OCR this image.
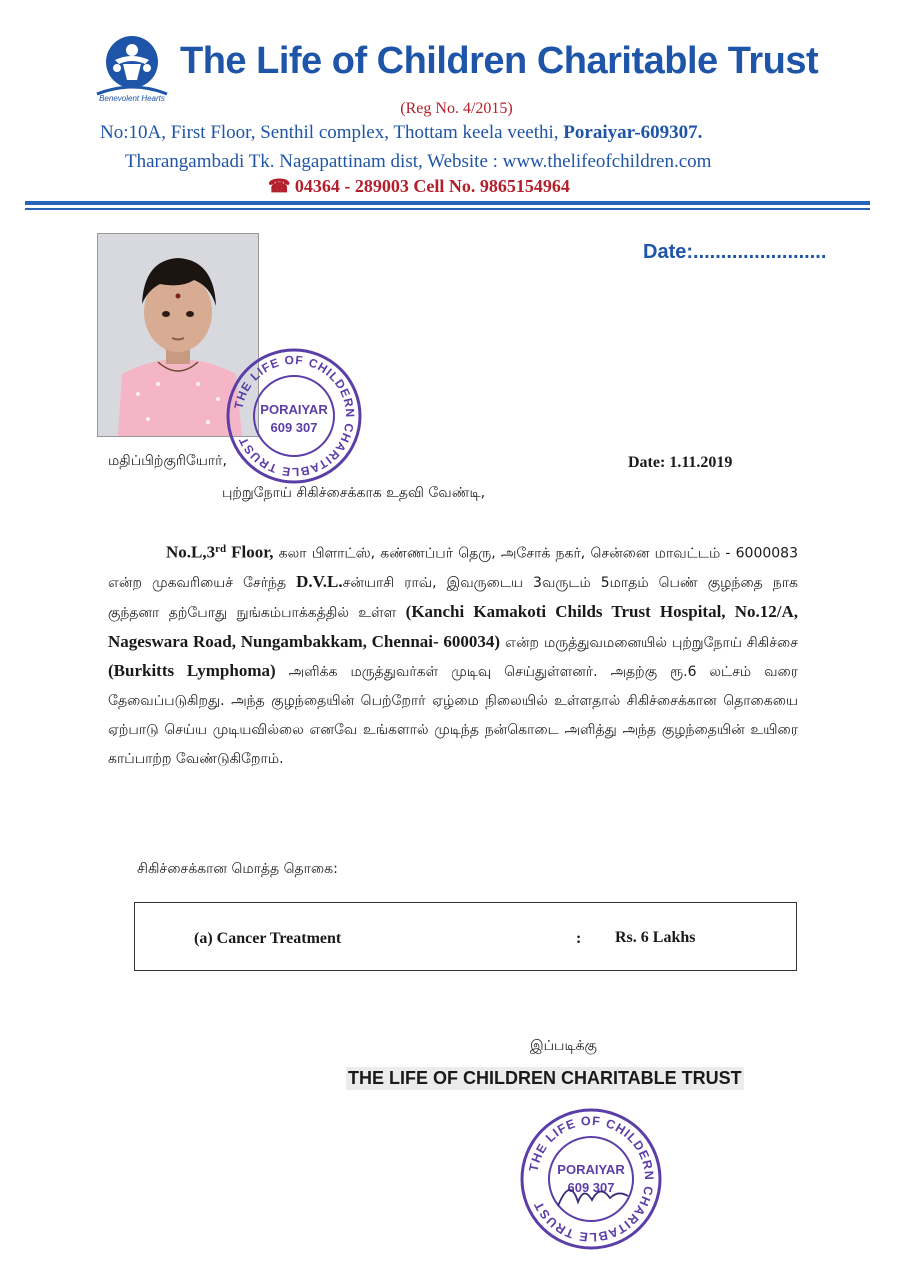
Benevolent Hearts
The Life of Children Charitable Trust
(Reg No. 4/2015)
No:10A, First Floor, Senthil complex, Thottam keela veethi, Poraiyar-609307.
Tharangambadi Tk. Nagapattinam dist, Website : www.thelifeofchildren.com
☎ 04364 - 289003 Cell No. 9865154964
Date:........................
THE LIFE OF CHILDERN CHARITABLE TRUST
PORAIYAR
609 307
மதிப்பிற்குரியோர்,	Date: 1.11.2019
புற்றுநோய் சிகிச்சைக்காக உதவி வேண்டி,
No.L,3rd Floor, கலா பிளாட்ஸ், கண்ணப்பர் தெரு, அசோக் நகர், சென்னை மாவட்டம் - 6000083 என்ற முகவரியைச் சேர்ந்த D.V.L.சன்யாசி ராவ், இவருடைய 3வருடம் 5மாதம் பெண் குழந்தை நாக குந்தனா தற்போது நுங்கம்பாக்கத்தில் உள்ள (Kanchi Kamakoti Childs Trust Hospital, No.12/A, Nageswara Road, Nungambakkam, Chennai- 600034) என்ற மருத்துவமனையில் புற்றுநோய் சிகிச்சை (Burkitts Lymphoma) அளிக்க மருத்துவர்கள் முடிவு செய்துள்ளனர். அதற்கு ரூ.6 லட்சம் வரை தேவைப்படுகிறது. அந்த குழந்தையின் பெற்றோர் ஏழ்மை நிலையில் உள்ளதால் சிகிச்சைக்கான தொகையை ஏற்பாடு செய்ய முடியவில்லை எனவே உங்களால் முடிந்த நன்கொடை அளித்து அந்த குழந்தையின் உயிரை காப்பாற்ற வேண்டுகிறோம்.
சிகிச்சைக்கான மொத்த தொகை:
(a) Cancer Treatment	: Rs. 6 Lakhs
இப்படிக்கு
THE LIFE OF CHILDREN CHARITABLE TRUST
THE LIFE OF CHILDERN CHARITABLE TRUST
PORAIYAR
609 307
